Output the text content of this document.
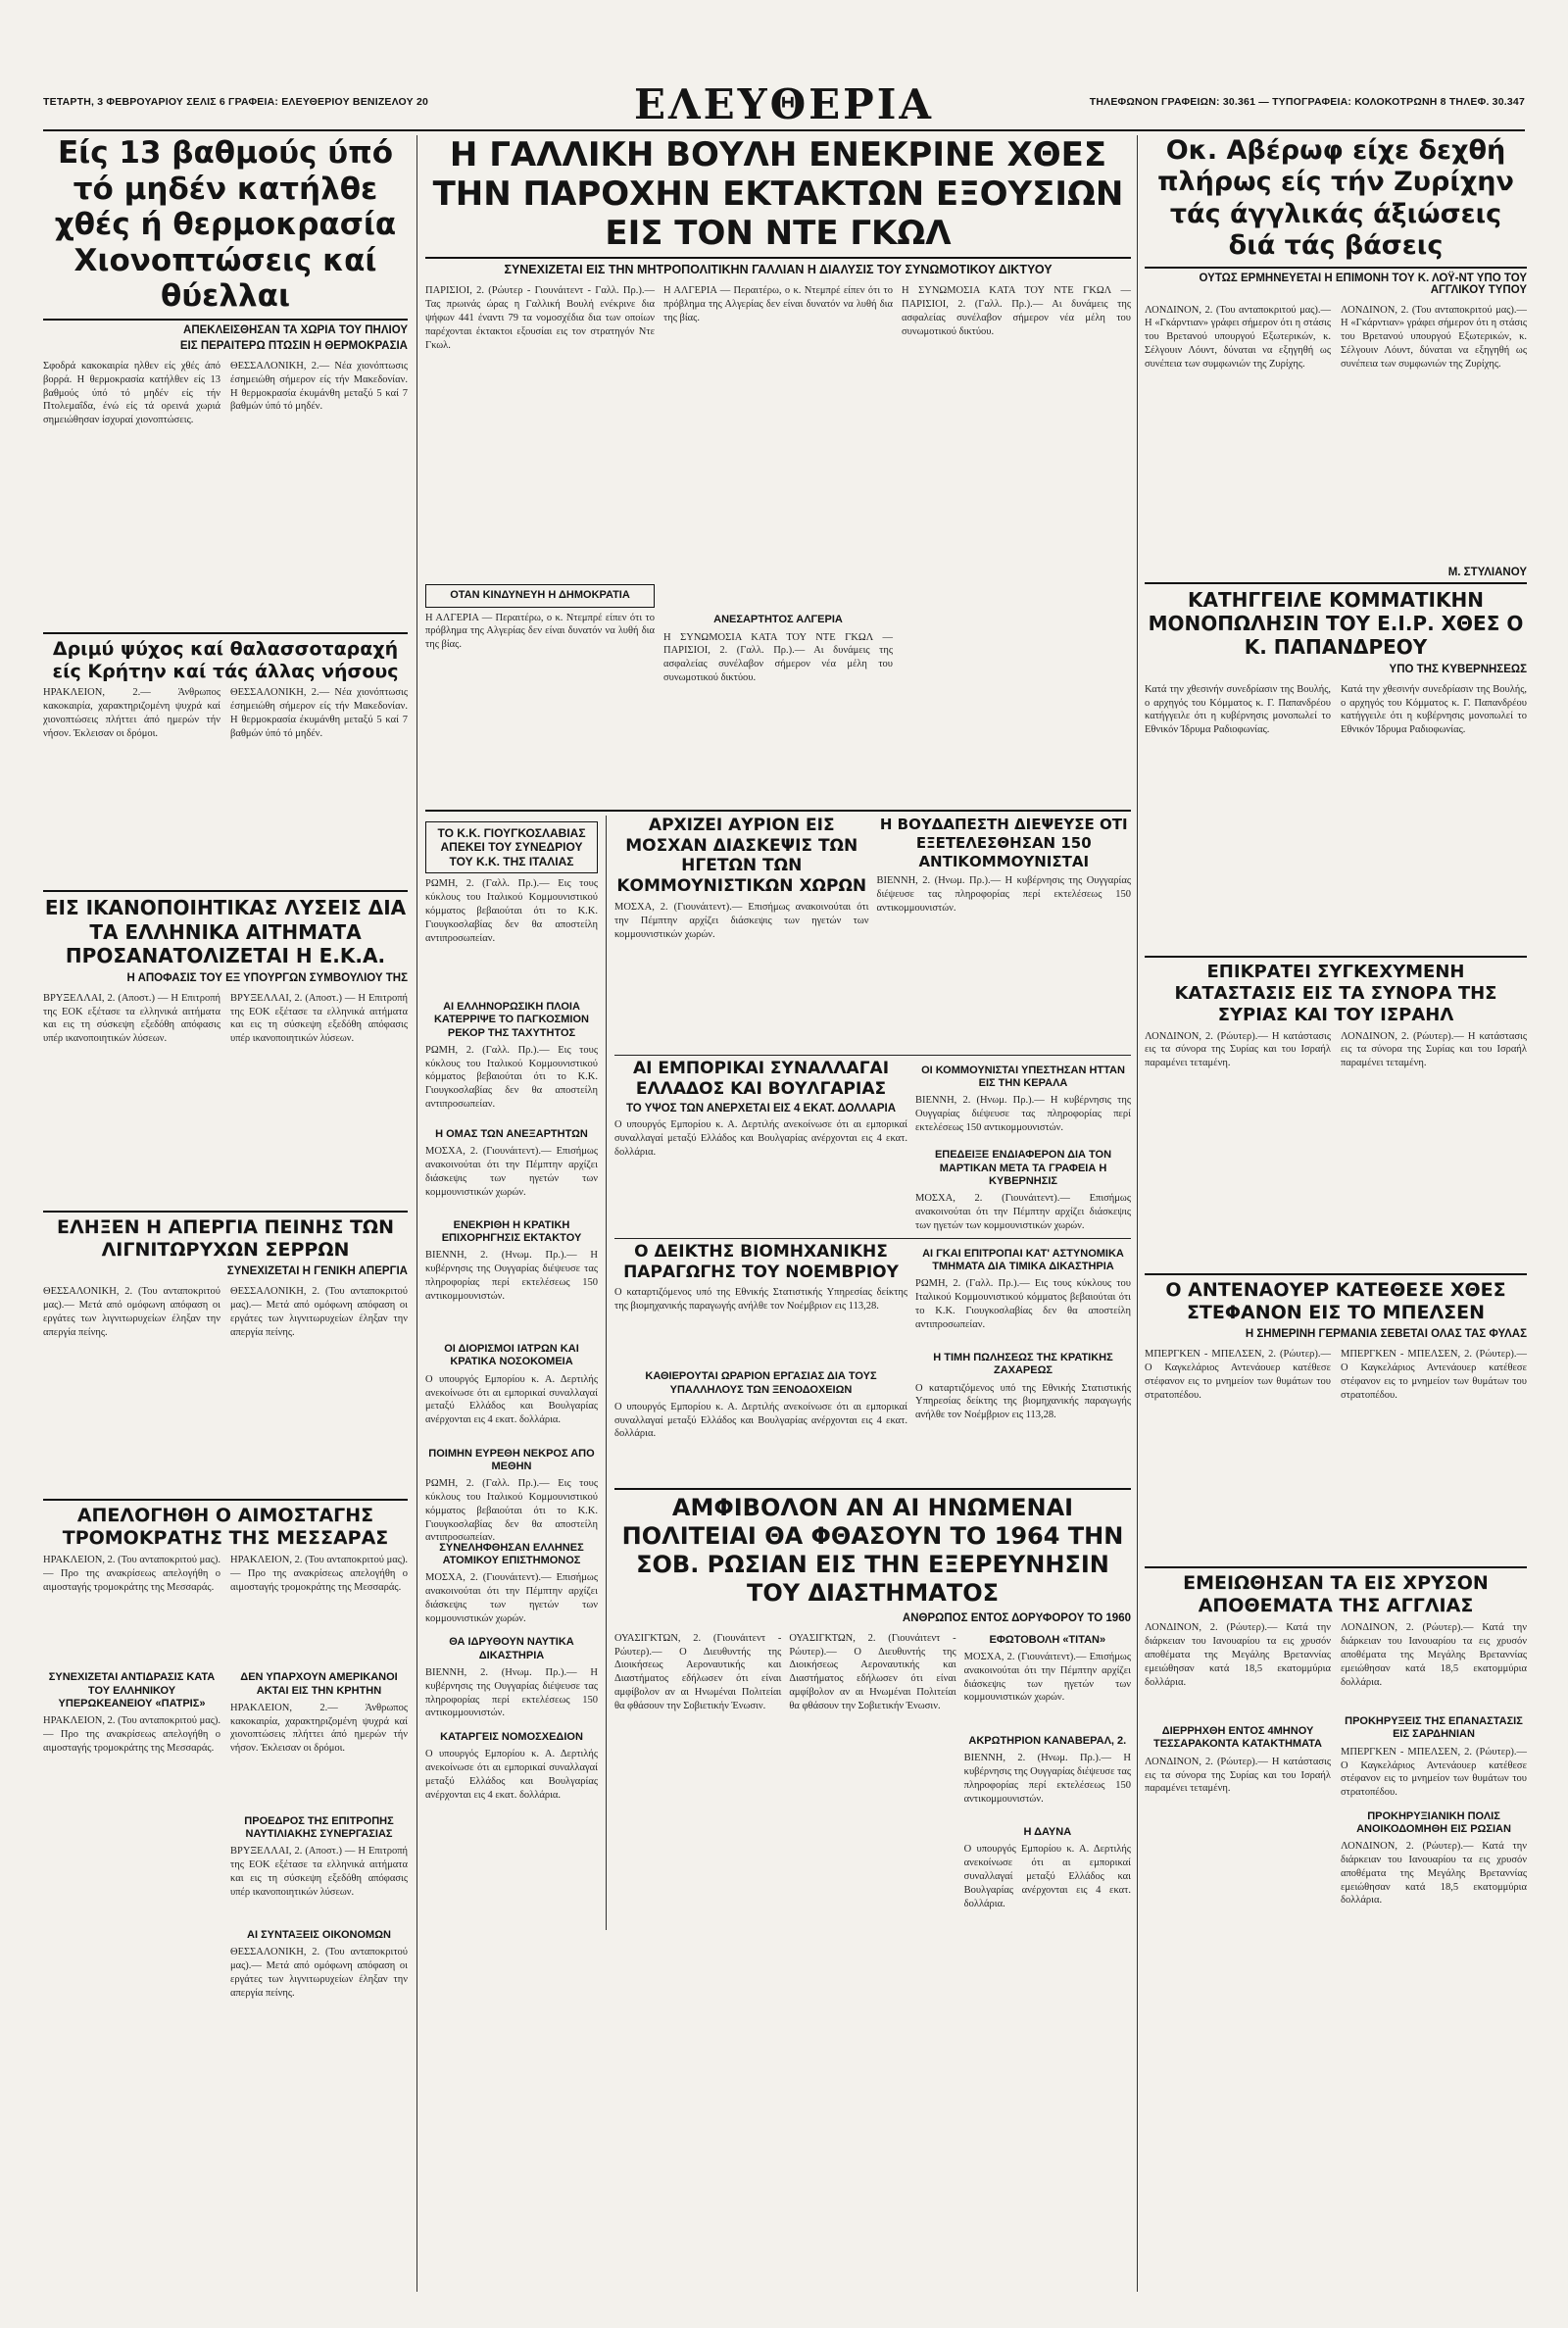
ΤΕΤΑΡΤΗ, 3 ΦΕΒΡΟΥΑΡΙΟΥ ΣΕΛΙΣ 6 ΓΡΑΦΕΙΑ: ΕΛΕΥΘΕΡΙΟΥ ΒΕΝΙΖΕΛΟΥ 20	ΕΛΕΥΘΕΡΙΑ	ΤΗΛΕΦΩΝΟΝ ΓΡΑΦΕΙΩΝ: 30.361 — ΤΥΠΟΓΡΑΦΕΙΑ: ΚΟΛΟΚΟΤΡΩΝΗ 8 ΤΗΛΕΦ. 30.347
Είς 13 βαθμούς ύπό τό μηδέν κατήλθε χθές ή θερμοκρασία Χιονοπτώσεις καί θύελλαι
ΑΠΕΚΛΕΙΣΘΗΣΑΝ ΤΑ ΧΩΡΙΑ ΤΟΥ ΠΗΛΙΟΥ
ΕΙΣ ΠΕΡΑΙΤΕΡΩ ΠΤΩΣΙΝ Η ΘΕΡΜΟΚΡΑΣΙΑ
Σφοδρά κακοκαιρία ηλθεν είς χθές άπό βορρά. Η θερμοκρασία κατήλθεν είς 13 βαθμούς ύπό τό μηδέν είς τήν Πτολεμαΐδα, ένώ είς τά ορεινά χωριά σημειώθησαν ίσχυραί χιονοπτώσεις.
ΘΕΣΣΑΛΟΝΙΚΗ, 2.— Νέα χιονόπτωσις έσημειώθη σήμερον είς τήν Μακεδονίαν. Η θερμοκρασία έκυμάνθη μεταξύ 5 καί 7 βαθμών ύπό τό μηδέν.
Δριμύ ψύχος καί θαλασσοταραχή είς Κρήτην καί τάς άλλας νήσους
ΗΡΑΚΛΕΙΟΝ, 2.— Άνθρωπος κακοκαιρία, χαρακτηριζομένη ψυχρά καί χιονοπτώσεις πλήττει άπό ημερών τήν νήσον. Έκλεισαν οι δρόμοι.
ΘΕΣΣΑΛΟΝΙΚΗ, 2.— Νέα χιονόπτωσις έσημειώθη σήμερον είς τήν Μακεδονίαν. Η θερμοκρασία έκυμάνθη μεταξύ 5 καί 7 βαθμών ύπό τό μηδέν.
ΕΙΣ ΙΚΑΝΟΠΟΙΗΤΙΚΑΣ ΛΥΣΕΙΣ ΔΙΑ ΤΑ ΕΛΛΗΝΙΚΑ ΑΙΤΗΜΑΤΑ ΠΡΟΣΑΝΑΤΟΛΙΖΕΤΑΙ Η Ε.Κ.Α.
Η ΑΠΟΦΑΣΙΣ ΤΟΥ ΕΞ ΥΠΟΥΡΓΩΝ ΣΥΜΒΟΥΛΙΟΥ ΤΗΣ
ΒΡΥΞΕΛΛΑΙ, 2. (Αποστ.) — Η Επιτροπή της ΕΟΚ εξέτασε τα ελληνικά αιτήματα και εις τη σύσκεψη εξεδόθη απόφασις υπέρ ικανοποιητικών λύσεων.
ΒΡΥΞΕΛΛΑΙ, 2. (Αποστ.) — Η Επιτροπή της ΕΟΚ εξέτασε τα ελληνικά αιτήματα και εις τη σύσκεψη εξεδόθη απόφασις υπέρ ικανοποιητικών λύσεων.
ΕΛΗΞΕΝ Η ΑΠΕΡΓΙΑ ΠΕΙΝΗΣ ΤΩΝ ΛΙΓΝΙΤΩΡΥΧΩΝ ΣΕΡΡΩΝ
ΣΥΝΕΧΙΖΕΤΑΙ Η ΓΕΝΙΚΗ ΑΠΕΡΓΙΑ
ΘΕΣΣΑΛΟΝΙΚΗ, 2. (Του ανταποκριτού μας).— Μετά από ομόφωνη απόφαση οι εργάτες των λιγνιτωρυχείων έληξαν την απεργία πείνης.
ΘΕΣΣΑΛΟΝΙΚΗ, 2. (Του ανταποκριτού μας).— Μετά από ομόφωνη απόφαση οι εργάτες των λιγνιτωρυχείων έληξαν την απεργία πείνης.
ΑΠΕΛΟΓΗΘΗ Ο ΑΙΜΟΣΤΑΓΗΣ ΤΡΟΜΟΚΡΑΤΗΣ ΤΗΣ ΜΕΣΣΑΡΑΣ
ΗΡΑΚΛΕΙΟΝ, 2. (Του ανταποκριτού μας).— Προ της ανακρίσεως απελογήθη ο αιμοσταγής τρομοκράτης της Μεσσαράς.
ΗΡΑΚΛΕΙΟΝ, 2. (Του ανταποκριτού μας).— Προ της ανακρίσεως απελογήθη ο αιμοσταγής τρομοκράτης της Μεσσαράς.
ΣΥΝΕΧΙΖΕΤΑΙ ΑΝΤΙΔΡΑΣΙΣ ΚΑΤΑ ΤΟΥ ΕΛΛΗΝΙΚΟΥ ΥΠΕΡΩΚΕΑΝΕΙΟΥ «ΠΑΤΡΙΣ»
ΗΡΑΚΛΕΙΟΝ, 2. (Του ανταποκριτού μας).— Προ της ανακρίσεως απελογήθη ο αιμοσταγής τρομοκράτης της Μεσσαράς.
ΔΕΝ ΥΠΑΡΧΟΥΝ ΑΜΕΡΙΚΑΝΟΙ ΑΚΤΑΙ ΕΙΣ ΤΗΝ ΚΡΗΤΗΝ
ΗΡΑΚΛΕΙΟΝ, 2.— Άνθρωπος κακοκαιρία, χαρακτηριζομένη ψυχρά καί χιονοπτώσεις πλήττει άπό ημερών τήν νήσον. Έκλεισαν οι δρόμοι.
ΠΡΟΕΔΡΟΣ ΤΗΣ ΕΠΙΤΡΟΠΗΣ ΝΑΥΤΙΛΙΑΚΗΣ ΣΥΝΕΡΓΑΣΙΑΣ
ΒΡΥΞΕΛΛΑΙ, 2. (Αποστ.) — Η Επιτροπή της ΕΟΚ εξέτασε τα ελληνικά αιτήματα και εις τη σύσκεψη εξεδόθη απόφασις υπέρ ικανοποιητικών λύσεων.
ΑΙ ΣΥΝΤΑΞΕΙΣ ΟΙΚΟΝΟΜΩΝ
ΘΕΣΣΑΛΟΝΙΚΗ, 2. (Του ανταποκριτού μας).— Μετά από ομόφωνη απόφαση οι εργάτες των λιγνιτωρυχείων έληξαν την απεργία πείνης.
Η ΓΑΛΛΙΚΗ ΒΟΥΛΗ ΕΝΕΚΡΙΝΕ ΧΘΕΣ ΤΗΝ ΠΑΡΟΧΗΝ ΕΚΤΑΚΤΩΝ ΕΞΟΥΣΙΩΝ ΕΙΣ ΤΟΝ ΝΤΕ ΓΚΩΛ
ΣΥΝΕΧΙΖΕΤΑΙ ΕΙΣ ΤΗΝ ΜΗΤΡΟΠΟΛΙΤΙΚΗΝ ΓΑΛΛΙΑΝ Η ΔΙΑΛΥΣΙΣ ΤΟΥ ΣΥΝΩΜΟΤΙΚΟΥ ΔΙΚΤΥΟΥ
ΠΑΡΙΣΙΟΙ, 2. (Ρώυτερ - Γιουνάιτεντ - Γαλλ. Πρ.).— Τας πρωινάς ώρας η Γαλλική Βουλή ενέκρινε δια ψήφων 441 έναντι 79 τα νομοσχέδια δια των οποίων παρέχονται έκτακτοι εξουσίαι εις τον στρατηγόν Ντε Γκωλ.
ΟΤΑΝ ΚΙΝΔΥΝΕΥΗ Η ΔΗΜΟΚΡΑΤΙΑ
Η ΑΛΓΕΡΙΑ — Περαιτέρω, ο κ. Ντεμπρέ είπεν ότι το πρόβλημα της Αλγερίας δεν είναι δυνατόν να λυθή δια της βίας.
Η ΑΛΓΕΡΙΑ — Περαιτέρω, ο κ. Ντεμπρέ είπεν ότι το πρόβλημα της Αλγερίας δεν είναι δυνατόν να λυθή δια της βίας.
ΑΝΕΣΑΡΤΗΤΟΣ ΑΛΓΕΡΙΑ
Η ΣΥΝΩΜΟΣΙΑ ΚΑΤΑ ΤΟΥ ΝΤΕ ΓΚΩΛ — ΠΑΡΙΣΙΟΙ, 2. (Γαλλ. Πρ.).— Αι δυνάμεις της ασφαλείας συνέλαβον σήμερον νέα μέλη του συνωμοτικού δικτύου.
Η ΣΥΝΩΜΟΣΙΑ ΚΑΤΑ ΤΟΥ ΝΤΕ ΓΚΩΛ — ΠΑΡΙΣΙΟΙ, 2. (Γαλλ. Πρ.).— Αι δυνάμεις της ασφαλείας συνέλαβον σήμερον νέα μέλη του συνωμοτικού δικτύου.
Οκ. Αβέρωφ είχε δεχθή πλήρως είς τήν Ζυρίχην τάς άγγλικάς άξιώσεις διά τάς βάσεις
ΟΥΤΩΣ ΕΡΜΗΝΕΥΕΤΑΙ Η ΕΠΙΜΟΝΗ ΤΟΥ Κ. ΛΟΫ-ΝΤ ΥΠΟ ΤΟΥ ΑΓΓΛΙΚΟΥ ΤΥΠΟΥ
ΛΟΝΔΙΝΟΝ, 2. (Του ανταποκριτού μας).— Η «Γκάρντιαν» γράφει σήμερον ότι η στάσις του Βρετανού υπουργού Εξωτερικών, κ. Σέλγουιν Λόυντ, δύναται να εξηγηθή ως συνέπεια των συμφωνιών της Ζυρίχης.
ΛΟΝΔΙΝΟΝ, 2. (Του ανταποκριτού μας).— Η «Γκάρντιαν» γράφει σήμερον ότι η στάσις του Βρετανού υπουργού Εξωτερικών, κ. Σέλγουιν Λόυντ, δύναται να εξηγηθή ως συνέπεια των συμφωνιών της Ζυρίχης.
Μ. ΣΤΥΛΙΑΝΟΥ
ΚΑΤΗΓΓΕΙΛΕ ΚΟΜΜΑΤΙΚΗΝ ΜΟΝΟΠΩΛΗΣΙΝ ΤΟΥ Ε.Ι.Ρ. ΧΘΕΣ Ο Κ. ΠΑΠΑΝΔΡΕΟΥ
ΥΠΟ ΤΗΣ ΚΥΒΕΡΝΗΣΕΩΣ
Κατά την χθεσινήν συνεδρίασιν της Βουλής, ο αρχηγός του Κόμματος κ. Γ. Παπανδρέου κατήγγειλε ότι η κυβέρνησις μονοπωλεί το Εθνικόν Ίδρυμα Ραδιοφωνίας.
Κατά την χθεσινήν συνεδρίασιν της Βουλής, ο αρχηγός του Κόμματος κ. Γ. Παπανδρέου κατήγγειλε ότι η κυβέρνησις μονοπωλεί το Εθνικόν Ίδρυμα Ραδιοφωνίας.
ΕΠΙΚΡΑΤΕΙ ΣΥΓΚΕΧΥΜΕΝΗ ΚΑΤΑΣΤΑΣΙΣ ΕΙΣ ΤΑ ΣΥΝΟΡΑ ΤΗΣ ΣΥΡΙΑΣ ΚΑΙ ΤΟΥ ΙΣΡΑΗΛ
ΛΟΝΔΙΝΟΝ, 2. (Ρώυτερ).— Η κατάστασις εις τα σύνορα της Συρίας και του Ισραήλ παραμένει τεταμένη.
ΛΟΝΔΙΝΟΝ, 2. (Ρώυτερ).— Η κατάστασις εις τα σύνορα της Συρίας και του Ισραήλ παραμένει τεταμένη.
Ο ΑΝΤΕΝΑΟΥΕΡ ΚΑΤΕΘΕΣΕ ΧΘΕΣ ΣΤΕΦΑΝΟΝ ΕΙΣ ΤΟ ΜΠΕΛΣΕΝ
Η ΣΗΜΕΡΙΝΗ ΓΕΡΜΑΝΙΑ ΣΕΒΕΤΑΙ ΟΛΑΣ ΤΑΣ ΦΥΛΑΣ
ΜΠΕΡΓΚΕΝ - ΜΠΕΛΣΕΝ, 2. (Ρώυτερ).— Ο Καγκελάριος Αντενάουερ κατέθεσε στέφανον εις το μνημείον των θυμάτων του στρατοπέδου.
ΜΠΕΡΓΚΕΝ - ΜΠΕΛΣΕΝ, 2. (Ρώυτερ).— Ο Καγκελάριος Αντενάουερ κατέθεσε στέφανον εις το μνημείον των θυμάτων του στρατοπέδου.
ΕΜΕΙΩΘΗΣΑΝ ΤΑ ΕΙΣ ΧΡΥΣΟΝ ΑΠΟΘΕΜΑΤΑ ΤΗΣ ΑΓΓΛΙΑΣ
ΛΟΝΔΙΝΟΝ, 2. (Ρώυτερ).— Κατά την διάρκειαν του Ιανουαρίου τα εις χρυσόν αποθέματα της Μεγάλης Βρεταννίας εμειώθησαν κατά 18,5 εκατομμύρια δολλάρια.
ΔΙΕΡΡΗΧΘΗ ΕΝΤΟΣ 4ΜΗΝΟΥ ΤΕΣΣΑΡΑΚΟΝΤΑ ΚΑΤΑΚΤΗΜΑΤΑ
ΛΟΝΔΙΝΟΝ, 2. (Ρώυτερ).— Η κατάστασις εις τα σύνορα της Συρίας και του Ισραήλ παραμένει τεταμένη.
ΛΟΝΔΙΝΟΝ, 2. (Ρώυτερ).— Κατά την διάρκειαν του Ιανουαρίου τα εις χρυσόν αποθέματα της Μεγάλης Βρεταννίας εμειώθησαν κατά 18,5 εκατομμύρια δολλάρια.
ΠΡΟΚΗΡΥΞΕΙΣ ΤΗΣ ΕΠΑΝΑΣΤΑΣΙΣ ΕΙΣ ΣΑΡΔΗΝΙΑΝ
ΜΠΕΡΓΚΕΝ - ΜΠΕΛΣΕΝ, 2. (Ρώυτερ).— Ο Καγκελάριος Αντενάουερ κατέθεσε στέφανον εις το μνημείον των θυμάτων του στρατοπέδου.
ΠΡΟΚΗΡΥΞΙΑΝΙΚΗ ΠΟΛΙΣ ΑΝΟΙΚΟΔΟΜΗΘΗ ΕΙΣ ΡΩΣΙΑΝ
ΛΟΝΔΙΝΟΝ, 2. (Ρώυτερ).— Κατά την διάρκειαν του Ιανουαρίου τα εις χρυσόν αποθέματα της Μεγάλης Βρεταννίας εμειώθησαν κατά 18,5 εκατομμύρια δολλάρια.
ΤΟ Κ.Κ. ΓΙΟΥΓΚΟΣΛΑΒΙΑΣ ΑΠΕΚΕΙ ΤΟΥ ΣΥΝΕΔΡΙΟΥ ΤΟΥ Κ.Κ. ΤΗΣ ΙΤΑΛΙΑΣ
ΡΩΜΗ, 2. (Γαλλ. Πρ.).— Εις τους κύκλους του Ιταλικού Κομμουνιστικού κόμματος βεβαιούται ότι το Κ.Κ. Γιουγκοσλαβίας δεν θα αποστείλη αντιπροσωπείαν.
ΑΙ ΕΛΛΗΝΟΡΩΣΙΚΗ ΠΛΟΙΑ ΚΑΤΕΡΡΙΨΕ ΤΟ ΠΑΓΚΟΣΜΙΟΝ ΡΕΚΟΡ ΤΗΣ ΤΑΧΥΤΗΤΟΣ
ΡΩΜΗ, 2. (Γαλλ. Πρ.).— Εις τους κύκλους του Ιταλικού Κομμουνιστικού κόμματος βεβαιούται ότι το Κ.Κ. Γιουγκοσλαβίας δεν θα αποστείλη αντιπροσωπείαν.
Η ΟΜΑΣ ΤΩΝ ΑΝΕΞΑΡΤΗΤΩΝ
ΜΟΣΧΑ, 2. (Γιουνάιτεντ).— Επισήμως ανακοινούται ότι την Πέμπτην αρχίζει διάσκεψις των ηγετών των κομμουνιστικών χωρών.
ΕΝΕΚΡΙΘΗ Η ΚΡΑΤΙΚΗ ΕΠΙΧΟΡΗΓΗΣΙΣ ΕΚΤΑΚΤΟΥ
ΒΙΕΝΝΗ, 2. (Ηνωμ. Πρ.).— Η κυβέρνησις της Ουγγαρίας διέψευσε τας πληροφορίας περί εκτελέσεως 150 αντικομμουνιστών.
ΟΙ ΔΙΟΡΙΣΜΟΙ ΙΑΤΡΩΝ ΚΑΙ ΚΡΑΤΙΚΑ ΝΟΣΟΚΟΜΕΙΑ
Ο υπουργός Εμπορίου κ. Α. Δερτιλής ανεκοίνωσε ότι αι εμπορικαί συναλλαγαί μεταξύ Ελλάδος και Βουλγαρίας ανέρχονται εις 4 εκατ. δολλάρια.
ΠΟΙΜΗΝ ΕΥΡΕΘΗ ΝΕΚΡΟΣ ΑΠΟ ΜΕΘΗΝ
ΡΩΜΗ, 2. (Γαλλ. Πρ.).— Εις τους κύκλους του Ιταλικού Κομμουνιστικού κόμματος βεβαιούται ότι το Κ.Κ. Γιουγκοσλαβίας δεν θα αποστείλη αντιπροσωπείαν.
ΣΥΝΕΛΗΦΘΗΣΑΝ ΕΛΛΗΝΕΣ ΑΤΟΜΙΚΟΥ ΕΠΙΣΤΗΜΟΝΟΣ
ΜΟΣΧΑ, 2. (Γιουνάιτεντ).— Επισήμως ανακοινούται ότι την Πέμπτην αρχίζει διάσκεψις των ηγετών των κομμουνιστικών χωρών.
ΘΑ ΙΔΡΥΘΟΥΝ ΝΑΥΤΙΚΑ ΔΙΚΑΣΤΗΡΙΑ
ΒΙΕΝΝΗ, 2. (Ηνωμ. Πρ.).— Η κυβέρνησις της Ουγγαρίας διέψευσε τας πληροφορίας περί εκτελέσεως 150 αντικομμουνιστών.
ΚΑΤΑΡΓΕΙΣ ΝΟΜΟΣΧΕΔΙΟΝ
Ο υπουργός Εμπορίου κ. Α. Δερτιλής ανεκοίνωσε ότι αι εμπορικαί συναλλαγαί μεταξύ Ελλάδος και Βουλγαρίας ανέρχονται εις 4 εκατ. δολλάρια.
ΑΡΧΙΖΕΙ ΑΥΡΙΟΝ ΕΙΣ ΜΟΣΧΑΝ ΔΙΑΣΚΕΨΙΣ ΤΩΝ ΗΓΕΤΩΝ ΤΩΝ ΚΟΜΜΟΥΝΙΣΤΙΚΩΝ ΧΩΡΩΝ
ΜΟΣΧΑ, 2. (Γιουνάιτεντ).— Επισήμως ανακοινούται ότι την Πέμπτην αρχίζει διάσκεψις των ηγετών των κομμουνιστικών χωρών.
Η ΒΟΥΔΑΠΕΣΤΗ ΔΙΕΨΕΥΣΕ ΟΤΙ ΕΞΕΤΕΛΕΣΘΗΣΑΝ 150 ΑΝΤΙΚΟΜΜΟΥΝΙΣΤΑΙ
ΒΙΕΝΝΗ, 2. (Ηνωμ. Πρ.).— Η κυβέρνησις της Ουγγαρίας διέψευσε τας πληροφορίας περί εκτελέσεως 150 αντικομμουνιστών.
ΑΙ ΕΜΠΟΡΙΚΑΙ ΣΥΝΑΛΛΑΓΑΙ ΕΛΛΑΔΟΣ ΚΑΙ ΒΟΥΛΓΑΡΙΑΣ
ΤΟ ΥΨΟΣ ΤΩΝ ΑΝΕΡΧΕΤΑΙ ΕΙΣ 4 ΕΚΑΤ. ΔΟΛΛΑΡΙΑ
Ο υπουργός Εμπορίου κ. Α. Δερτιλής ανεκοίνωσε ότι αι εμπορικαί συναλλαγαί μεταξύ Ελλάδος και Βουλγαρίας ανέρχονται εις 4 εκατ. δολλάρια.
ΟΙ ΚΟΜΜΟΥΝΙΣΤΑΙ ΥΠΕΣΤΗΣΑΝ ΗΤΤΑΝ ΕΙΣ ΤΗΝ ΚΕΡΑΛΑ
ΒΙΕΝΝΗ, 2. (Ηνωμ. Πρ.).— Η κυβέρνησις της Ουγγαρίας διέψευσε τας πληροφορίας περί εκτελέσεως 150 αντικομμουνιστών.
ΕΠΕΔΕΙΞΕ ΕΝΔΙΑΦΕΡΟΝ ΔΙΑ ΤΟΝ ΜΑΡΤΙΚΑΝ ΜΕΤΑ ΤΑ ΓΡΑΦΕΙΑ Η ΚΥΒΕΡΝΗΣΙΣ
ΜΟΣΧΑ, 2. (Γιουνάιτεντ).— Επισήμως ανακοινούται ότι την Πέμπτην αρχίζει διάσκεψις των ηγετών των κομμουνιστικών χωρών.
Ο ΔΕΙΚΤΗΣ ΒΙΟΜΗΧΑΝΙΚΗΣ ΠΑΡΑΓΩΓΗΣ ΤΟΥ ΝΟΕΜΒΡΙΟΥ
Ο καταρτιζόμενος υπό της Εθνικής Στατιστικής Υπηρεσίας δείκτης της βιομηχανικής παραγωγής ανήλθε τον Νοέμβριον εις 113,28.
ΚΑΘΙΕΡΟΥΤΑΙ ΩΡΑΡΙΟΝ ΕΡΓΑΣΙΑΣ ΔΙΑ ΤΟΥΣ ΥΠΑΛΛΗΛΟΥΣ ΤΩΝ ΞΕΝΟΔΟΧΕΙΩΝ
Ο υπουργός Εμπορίου κ. Α. Δερτιλής ανεκοίνωσε ότι αι εμπορικαί συναλλαγαί μεταξύ Ελλάδος και Βουλγαρίας ανέρχονται εις 4 εκατ. δολλάρια.
ΑΙ ΓΚΑΙ ΕΠΙΤΡΟΠΑΙ ΚΑΤ' ΑΣΤΥΝΟΜΙΚΑ ΤΜΗΜΑΤΑ ΔΙΑ ΤΙΜΙΚΑ ΔΙΚΑΣΤΗΡΙΑ
ΡΩΜΗ, 2. (Γαλλ. Πρ.).— Εις τους κύκλους του Ιταλικού Κομμουνιστικού κόμματος βεβαιούται ότι το Κ.Κ. Γιουγκοσλαβίας δεν θα αποστείλη αντιπροσωπείαν.
Η ΤΙΜΗ ΠΩΛΗΣΕΩΣ ΤΗΣ ΚΡΑΤΙΚΗΣ ΖΑΧΑΡΕΩΣ
Ο καταρτιζόμενος υπό της Εθνικής Στατιστικής Υπηρεσίας δείκτης της βιομηχανικής παραγωγής ανήλθε τον Νοέμβριον εις 113,28.
ΑΜΦΙΒΟΛΟΝ ΑΝ ΑΙ ΗΝΩΜΕΝΑΙ ΠΟΛΙΤΕΙΑΙ ΘΑ ΦΘΑΣΟΥΝ ΤΟ 1964 ΤΗΝ ΣΟΒ. ΡΩΣΙΑΝ ΕΙΣ ΤΗΝ ΕΞΕΡΕΥΝΗΣΙΝ ΤΟΥ ΔΙΑΣΤΗΜΑΤΟΣ
ΑΝΘΡΩΠΟΣ ΕΝΤΟΣ ΔΟΡΥΦΟΡΟΥ ΤΟ 1960
ΟΥΑΣΙΓΚΤΩΝ, 2. (Γιουνάιτεντ - Ρώυτερ).— Ο Διευθυντής της Διοικήσεως Αεροναυτικής και Διαστήματος εδήλωσεν ότι είναι αμφίβολον αν αι Ηνωμέναι Πολιτείαι θα φθάσουν την Σοβιετικήν Ένωσιν.
ΟΥΑΣΙΓΚΤΩΝ, 2. (Γιουνάιτεντ - Ρώυτερ).— Ο Διευθυντής της Διοικήσεως Αεροναυτικής και Διαστήματος εδήλωσεν ότι είναι αμφίβολον αν αι Ηνωμέναι Πολιτείαι θα φθάσουν την Σοβιετικήν Ένωσιν.
ΕΦΩΤΟΒΟΛΗ «ΤΙΤΑΝ»
ΜΟΣΧΑ, 2. (Γιουνάιτεντ).— Επισήμως ανακοινούται ότι την Πέμπτην αρχίζει διάσκεψις των ηγετών των κομμουνιστικών χωρών.
ΑΚΡΩΤΗΡΙΟΝ ΚΑΝΑΒΕΡΑΛ, 2.
ΒΙΕΝΝΗ, 2. (Ηνωμ. Πρ.).— Η κυβέρνησις της Ουγγαρίας διέψευσε τας πληροφορίας περί εκτελέσεως 150 αντικομμουνιστών.
Η ΔΑΥΝΑ
Ο υπουργός Εμπορίου κ. Α. Δερτιλής ανεκοίνωσε ότι αι εμπορικαί συναλλαγαί μεταξύ Ελλάδος και Βουλγαρίας ανέρχονται εις 4 εκατ. δολλάρια.
